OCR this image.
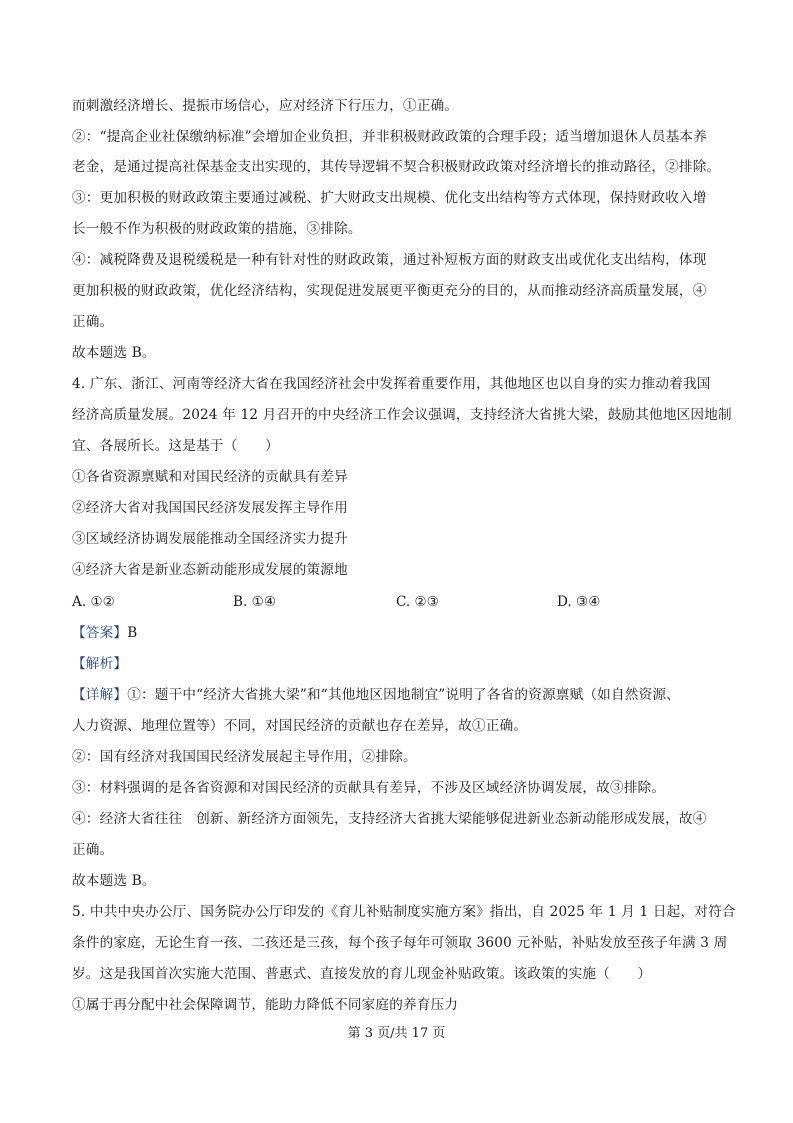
而刺激经济增长、提振市场信心，应对经济下行压力，①正确。
②：“提高企业社保缴纳标准”会增加企业负担，并非积极财政政策的合理手段；适当增加退休人员基本养
老金，是通过提高社保基金支出实现的，其传导逻辑不契合积极财政政策对经济增长的推动路径，②排除。
③：更加积极的财政政策主要通过减税、扩大财政支出规模、优化支出结构等方式体现，保持财政收入增
长一般不作为积极的财政政策的措施，③排除。
④：减税降费及退税缓税是一种有针对性的财政政策，通过补短板方面的财政支出或优化支出结构，体现
更加积极的财政政策，优化经济结构，实现促进发展更平衡更充分的目的，从而推动经济高质量发展，④
正确。
故本题选 B。
4. 广东、浙江、河南等经济大省在我国经济社会中发挥着重要作用，其他地区也以自身的实力推动着我国
经济高质量发展。2024 年 12 月召开的中央经济工作会议强调，支持经济大省挑大梁，鼓励其他地区因地制
宜、各展所长。这是基于（　　）
①各省资源禀赋和对国民经济的贡献具有差异
②经济大省对我国国民经济发展发挥主导作用
③区域经济协调发展能推动全国经济实力提升
④经济大省是新业态新动能形成发展的策源地
A. ①②	B. ①④	C. ②③	D. ③④
【答案】B
【解析】
【详解】①：题干中“经济大省挑大梁”和“其他地区因地制宜”说明了各省的资源禀赋（如自然资源、
人力资源、地理位置等）不同，对国民经济的贡献也存在差异，故①正确。
②：国有经济对我国国民经济发展起主导作用，②排除。
③：材料强调的是各省资源和对国民经济的贡献具有差异，不涉及区域经济协调发展，故③排除。
④：经济大省往往　创新、新经济方面领先，支持经济大省挑大梁能够促进新业态新动能形成发展，故④
正确。
故本题选 B。
5. 中共中央办公厅、国务院办公厅印发的《育儿补贴制度实施方案》指出，自 2025 年 1 月 1 日起，对符合
条件的家庭，无论生育一孩、二孩还是三孩，每个孩子每年可领取 3600 元补贴，补贴发放至孩子年满 3 周
岁。这是我国首次实施大范围、普惠式、直接发放的育儿现金补贴政策。该政策的实施（　　）
①属于再分配中社会保障调节，能助力降低不同家庭的养育压力
第 3 页/共 17 页
